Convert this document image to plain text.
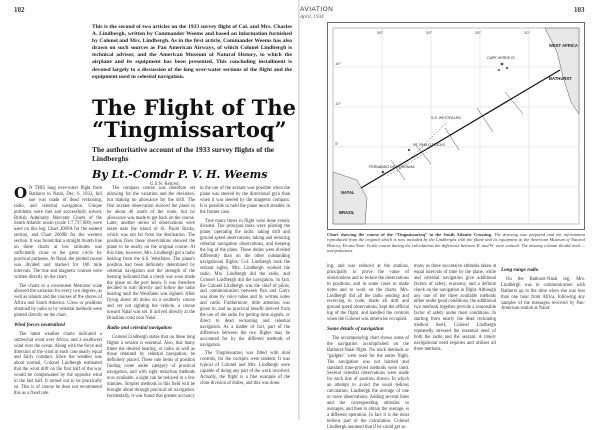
102
This is the second of two articles on the 1933 survey flight of Col. and Mrs. Charles A. Lindbergh, written by Commander Weems and based on information furnished by Colonel and Mrs. Lindbergh. As in the first article, Commander Weems has also drawn on such sources as Pan American Airways, of which Colonel Lindbergh is technical adviser, and the American Museum of Natural History, to which the airplane and its equipment has been presented. This concluding installment is devoted largely to a discussion of the long over-water sections of the flight and the equipment used in celestial navigation.
The Flight of The “Tingmissartoq”
The authoritative account of the 1933 survey flights of the Lindberghs
By Lt.-Comdr P. V. H. Weems
U.S.N. Retired

O N THIS long over-water flight from Bathurst to Natal, Dec. 6, 1933, full use was made of dead reckoning, radio, and celestial navigation. Unique problems were met and successfully solved. British Admiralty Mercator Charts of the South Atlantic ocean (scale 1:7,737,000) were used on this leg: Chart 2069A for the eastern section, and Chart 2069B for the western section. It was found that a straight rhumb line on these charts at low latitudes was sufficiently close to the great circle for practical purposes. At Natal, the plotted course was divided and marked for 100 mile intervals. The true and magnetic courses were written directly on the chart.

The charts to a convenient Mercator scale allowed the variation for every two degrees, as well as islands and the courses of the shores of Africa and South America. Cross or positions obtained by radio or by celestial methods were plotted directly on the chart.

Wind forces neutralized

The latest weather charts indicated a somewhat wind over Africa, and a southwest wind over the ocean. Along with the force and direction of the wind in each case nearly equal and fairly constant. Since the weather was about normal, Colonel Lindbergh estimated that the wind drift on the first half of the way would be compensated by the opposite wind in the last half. It turned out to be practically so. This is of course he does not recommend this as a fixed rule.

The compass course was therefore set allowing for the variation and the deviation, but making no allowance for the drift. The first sextant observation showed the plane to be about 40 south of the route, but no allowance was made to get back on the course. Later, another series of observations were taken near the island of St. Paulo Rocks, which was not far from the destination. The position fixes these observations showed the plane to be nearly on the original course. At this time, however, Mrs. Lindbergh got a radio bearing from the S.S. Westfalen. The plane's position had been definitely determined by celestial navigation and the strength of the bearing indicated that a check was soon made the plane on the port beam. It was therefore decided to turn directly and follow the radio bearing until the Westfalen was sighted. After flying about 40 miles on a southerly course and yet not sighting the vehicle, a course toward Natal was set. It arrived directly at the Brazilian coast near Natal.

Radio and celestial navigation

Colonel Lindbergh states that on these long flights a sextant is essential. Also, that many times the desired bearing, or radio as well as those obtained by celestial navigation, be definitely placed. These rule items of position finding come under category of practical navigation, and with sight reduction methods now available, a sight can be reduced in a few minutes. Simpler methods in this field will be brought about through practical air navigation. Incidentally, it was found that greater accuracy

in the use of the sextant was possible when the plane was steered by the directional gyro than when it was steered by the magnetic compass. It is possible to hold the plane much steadier in the former case.

True many times in flight were done evenly divided. The principal tasks were piloting the plane, operating the radio, taking drift and ground speed observations, taking and reducing celestial navigation observations, and keeping the log of the plane. These duties were divided differently than on the other outstanding navigational flights; Col. Lindbergh took the sextant sights, Mrs. Lindbergh worked the radio. Mrs. Lindbergh did the radio, and Colonel Lindbergh did the navigation. In fact, the Colonel Lindbergh was the chief of pilots, and communication between Pan and Garry was done by voice tubes and by written notes and cards. Furthermore, little attention was given to, and no practical benefit derived from the use of the radio for getting time signals, or direct to dead reckoning and celestial navigation. As a matter of fact, part of the difference between the two flights may be accounted for by the different methods of navigation.

The Tingmissartoq was fitted with dual controls, for the cockpits were tandem. It was typical of Colonel and Mrs. Lindbergh were capable of doing any part of the work involved. Actually, the flight is a fine example of the close division of duties, and this was done.

AVIATION
April, 1934
103
15°
10°
5°
35°	30°	25°	20°
WEST AFRICA
BATHURST
NATAL
BRAZIL
ST. PAULO ROCKS
FERNANDO DE NORONHA
CAPE VERDE IS.
S.S. WESTFALEN
Chart showing the course of the “Tingmissartoq” in the South Atlantic Crossing. The drawing was prepared and the information reproduced from the original which is now included by the Lindberghs with the plane and its equipment at the American Museum of Natural History. Errata Note: In the course during the calculations the difference between R. and W. were omitted. The missing column should read — interpolations.

ing, and was reduced at the stations, principally to prove the value of observations and to reduce the observations to positions, and in some cases to make notes and to work on the charts. Mrs. Lindbergh did all the radio sending and receiving in code, made all drift and ground speed observations, kept the official log of the flight, and handled the controls when the Colonel was otherwise occupied.

Some details of navigation

The accompanying chart shows some of the navigation accomplished on the Bathurst-Natal flight. No track methods or "gadgets" were used for the entire flight. The navigation was not hurried and standard time-proved methods were used. Several celestial observations were made for each line of position shown. In which an attempt to avoid the usual tedious calculation, Lindbergh the average of one or more observations. Adding several lines and the corresponding altitudes to averages, and then to obtain the average, is a different operation. In fact it is the most tedious part of the calculation. Colonel Lindbergh assumed that if he could get so

many as three successive altitudes taken at equal intervals of time by the plane, while and celestial navigation give additional factors of safety, economy, and a definite check on the navigation in flight. Although any one of the three available methods either under good conditions, the additional two methods together provide a reasonable factor of safety under most conditions. In starting from nearly the dead reckoning method itself, Colonel Lindbergh repeatedly stressed the essential need of both the radio and the sextant. A timely navigational need requires and utilizes all three methods.

Long range radio

On the Bathurst-Natal leg, Mrs. Lindbergh was in communication with Bathurst up to the time when she was less than one hour from Africa, following any samples of the messages received by Pan-American station at Natal:
